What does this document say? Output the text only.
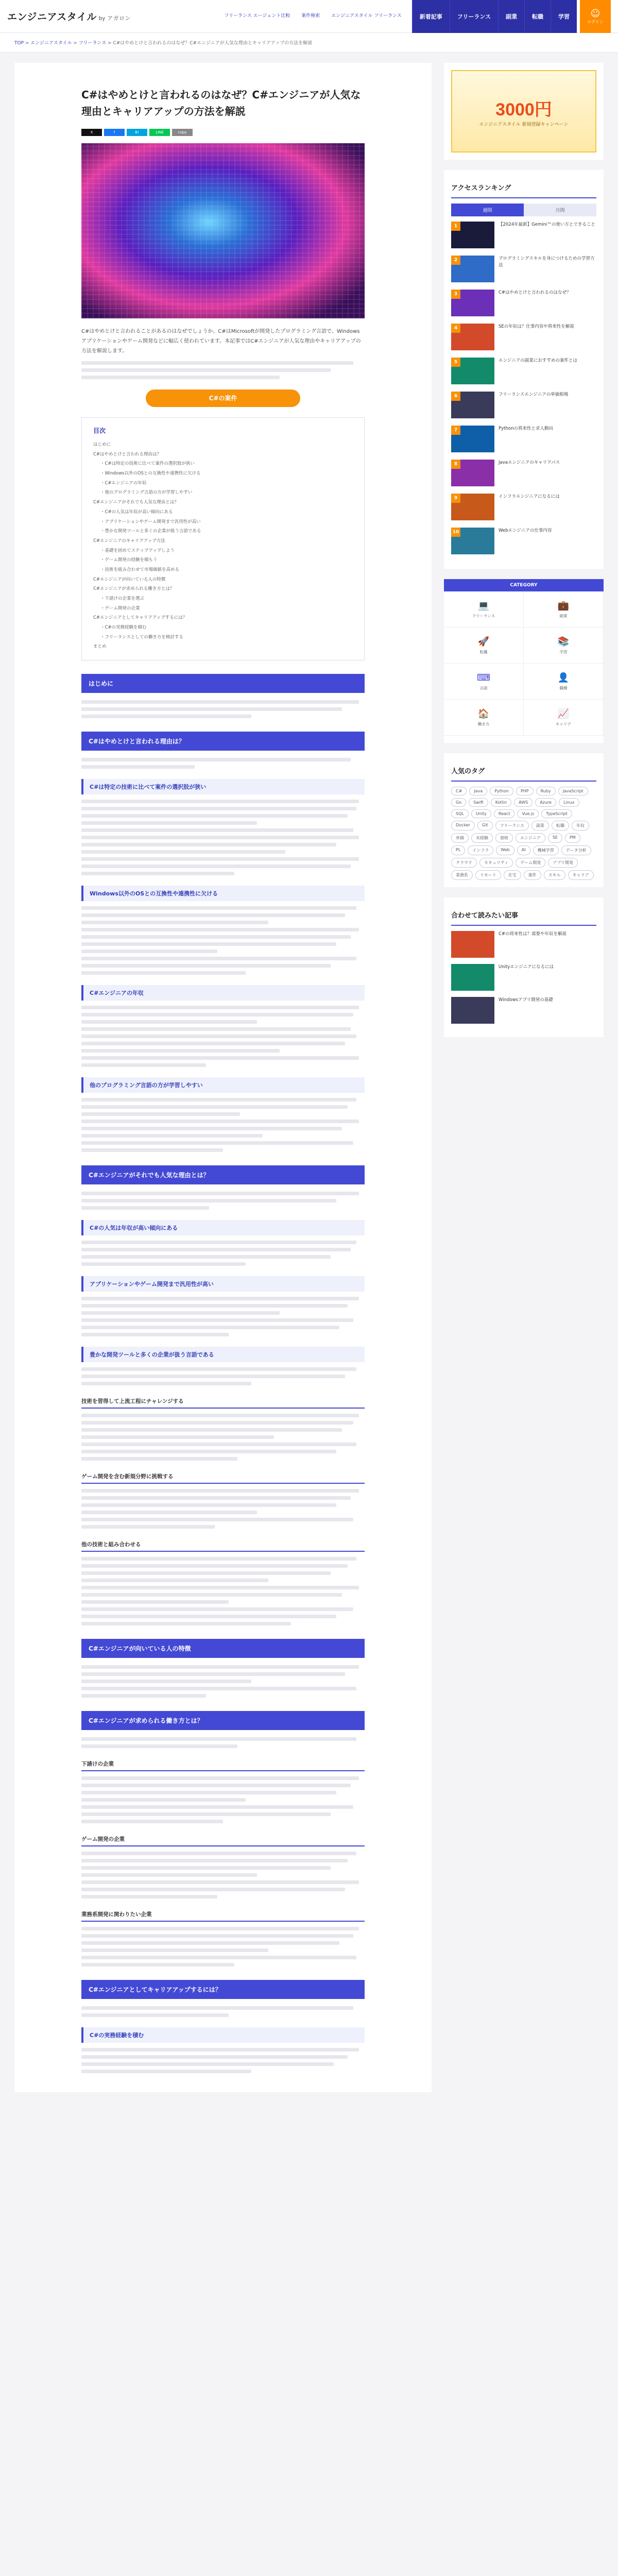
エンジニアスタイル by アガロン	フリーランス エージェント比較	案件検索	エンジニアスタイル フリーランス	新着記事	フリーランス	副業	転職	学習	☺
ログイン
TOP > エンジニアスタイル > フリーランス > C#はやめとけと言われるのはなぜ？C#エンジニアが人気な理由とキャリアアップの方法を解説
C#はやめとけと言われるのはなぜ？C#エンジニアが人気な理由とキャリアアップの方法を解説
X	f	B!	LINE	copy

C#はやめとけと言われることがあるのはなぜでしょうか。C#はMicrosoftが開発したプログラミング言語で、Windowsアプリケーションやゲーム開発などに幅広く使われています。本記事ではC#エンジニアが人気な理由やキャリアアップの方法を解説します。

C#の案件
目次
はじめに
C#はやめとけと言われる理由は？
・C#は特定の技術に比べて案件の選択肢が狭い
・Windows以外のOSとの互換性や連携性に欠ける
・C#エンジニアの年収
・他のプログラミング言語の方が学習しやすい
C#エンジニアがそれでも人気な理由とは？
・C#の人気は年収が高い傾向にある
・アプリケーションやゲーム開発まで汎用性が高い
・豊かな開発ツールと多くの企業が扱う言語である
C#エンジニアのキャリアアップ方法
・基礎を固めてステップアップしよう
・ゲーム開発の経験を積もう
・技術を組み合わせて市場価値を高める
C#エンジニアが向いている人の特徴
C#エンジニアが求められる働き方とは？
・下請けの企業を選ぶ
・ゲーム開発の企業
C#エンジニアとしてキャリアアップするには？
・C#の実務経験を積む
・フリーランスとしての働き方を検討する
まとめ
はじめに
C#はやめとけと言われる理由は？
C#は特定の技術に比べて案件の選択肢が狭い
Windows以外のOSとの互換性や連携性に欠ける
C#エンジニアの年収
他のプログラミング言語の方が学習しやすい
C#エンジニアがそれでも人気な理由とは？
C#の人気は年収が高い傾向にある
アプリケーションやゲーム開発まで汎用性が高い
豊かな開発ツールと多くの企業が扱う言語である
技術を習得して上流工程にチャレンジする
ゲーム開発を含む新規分野に挑戦する
他の技術と組み合わせる
C#エンジニアが向いている人の特徴
C#エンジニアが求められる働き方とは？
下請けの企業
ゲーム開発の企業
業務系開発に関わりたい企業
C#エンジニアとしてキャリアアップするには？
C#の実務経験を積む
3000円
エンジニアスタイル 新規登録キャンペーン
アクセスランキング
週間	月間
1	【2024年最新】Gemini™の使い方とできること
2	プログラミングスキルを身につけるための学習方法
3	C#はやめとけと言われるのはなぜ？
4	SEの年収は？仕事内容や将来性を解説
5	エンジニアの副業におすすめの案件とは
6	フリーランスエンジニアの単価相場
7	Pythonの将来性と求人動向
8	Javaエンジニアのキャリアパス
9	インフラエンジニアになるには
10	Webエンジニアの仕事内容
CATEGORY
💻
フリーランス
💼
副業
🚀
転職
📚
学習
⌨
言語
👤
職種
🏠
働き方
📈
キャリア
人気のタグ
C#	Java	Python	PHP	Ruby	JavaScript
Go	Swift	Kotlin	AWS	Azure	Linux
SQL	Unity	React	Vue.js	TypeScript
Docker	Git	フリーランス	副業	転職	年収
単価	未経験	資格	エンジニア	SE	PM
PL	インフラ	Web	AI	機械学習	データ分析
クラウド	セキュリティ	ゲーム開発	アプリ開発
業務系	リモート	在宅	案件	スキル	キャリア
合わせて読みたい記事
C#の将来性は？需要や年収を解説
Unityエンジニアになるには
Windowsアプリ開発の基礎
